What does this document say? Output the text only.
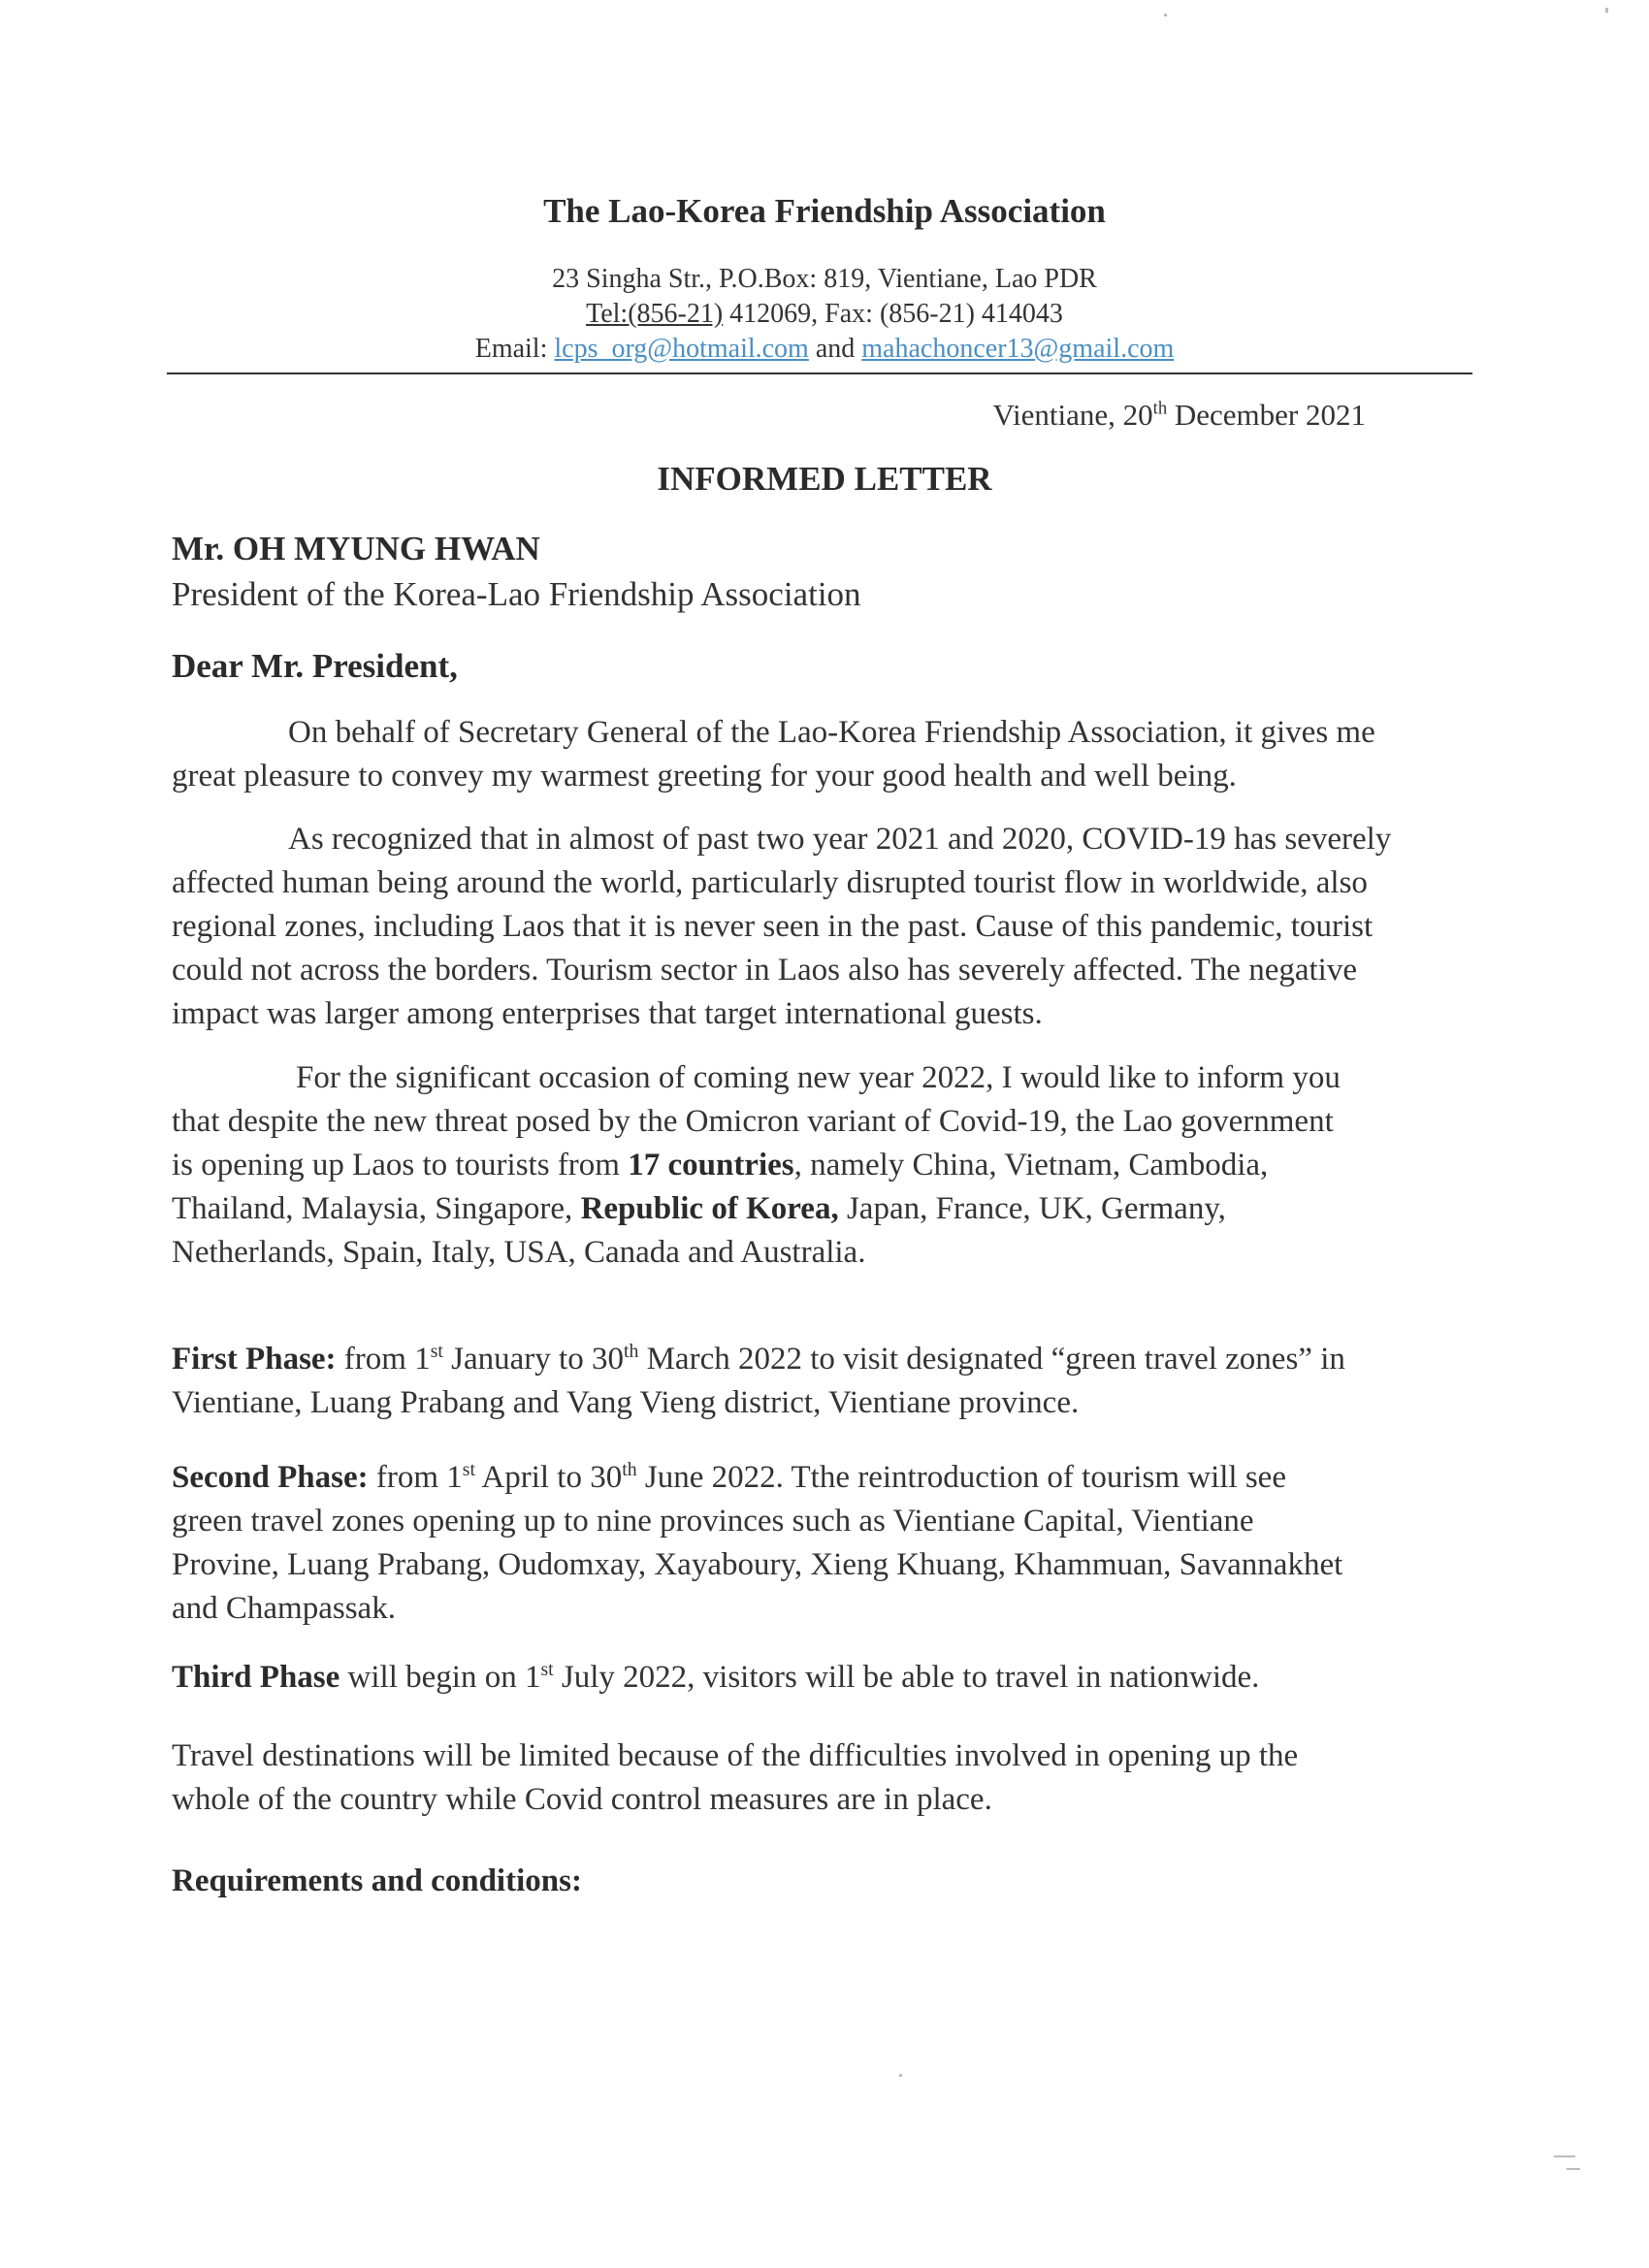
The Lao-Korea Friendship Association
23 Singha Str., P.O.Box: 819, Vientiane, Lao PDR
Tel:(856-21) 412069, Fax: (856-21) 414043
Email: lcps_org@hotmail.com and mahachoncer13@gmail.com
Vientiane, 20th December 2021
INFORMED LETTER
Mr. OH MYUNG HWAN
President of the Korea-Lao Friendship Association
Dear Mr. President,
On behalf of Secretary General of the Lao-Korea Friendship Association, it gives me
great pleasure to convey my warmest greeting for your good health and well being.
As recognized that in almost of past two year 2021 and 2020, COVID-19 has severely
affected human being around the world, particularly disrupted tourist flow in worldwide, also
regional zones, including Laos that it is never seen in the past. Cause of this pandemic, tourist
could not across the borders. Tourism sector in Laos also has severely affected. The negative
impact was larger among enterprises that target international guests.
For the significant occasion of coming new year 2022, I would like to inform you
that despite the new threat posed by the Omicron variant of Covid-19, the Lao government
is opening up Laos to tourists from 17 countries, namely China, Vietnam, Cambodia,
Thailand, Malaysia, Singapore, Republic of Korea, Japan, France, UK, Germany,
Netherlands, Spain, Italy, USA, Canada and Australia.
First Phase: from 1st January to 30th March 2022 to visit designated “green travel zones” in
Vientiane, Luang Prabang and Vang Vieng district, Vientiane province.
Second Phase: from 1st April to 30th June 2022. Tthe reintroduction of tourism will see
green travel zones opening up to nine provinces such as Vientiane Capital, Vientiane
Provine, Luang Prabang, Oudomxay, Xayaboury, Xieng Khuang, Khammuan, Savannakhet
and Champassak.
Third Phase will begin on 1st July 2022, visitors will be able to travel in nationwide.
Travel destinations will be limited because of the difficulties involved in opening up the
whole of the country while Covid control measures are in place.
Requirements and conditions:
